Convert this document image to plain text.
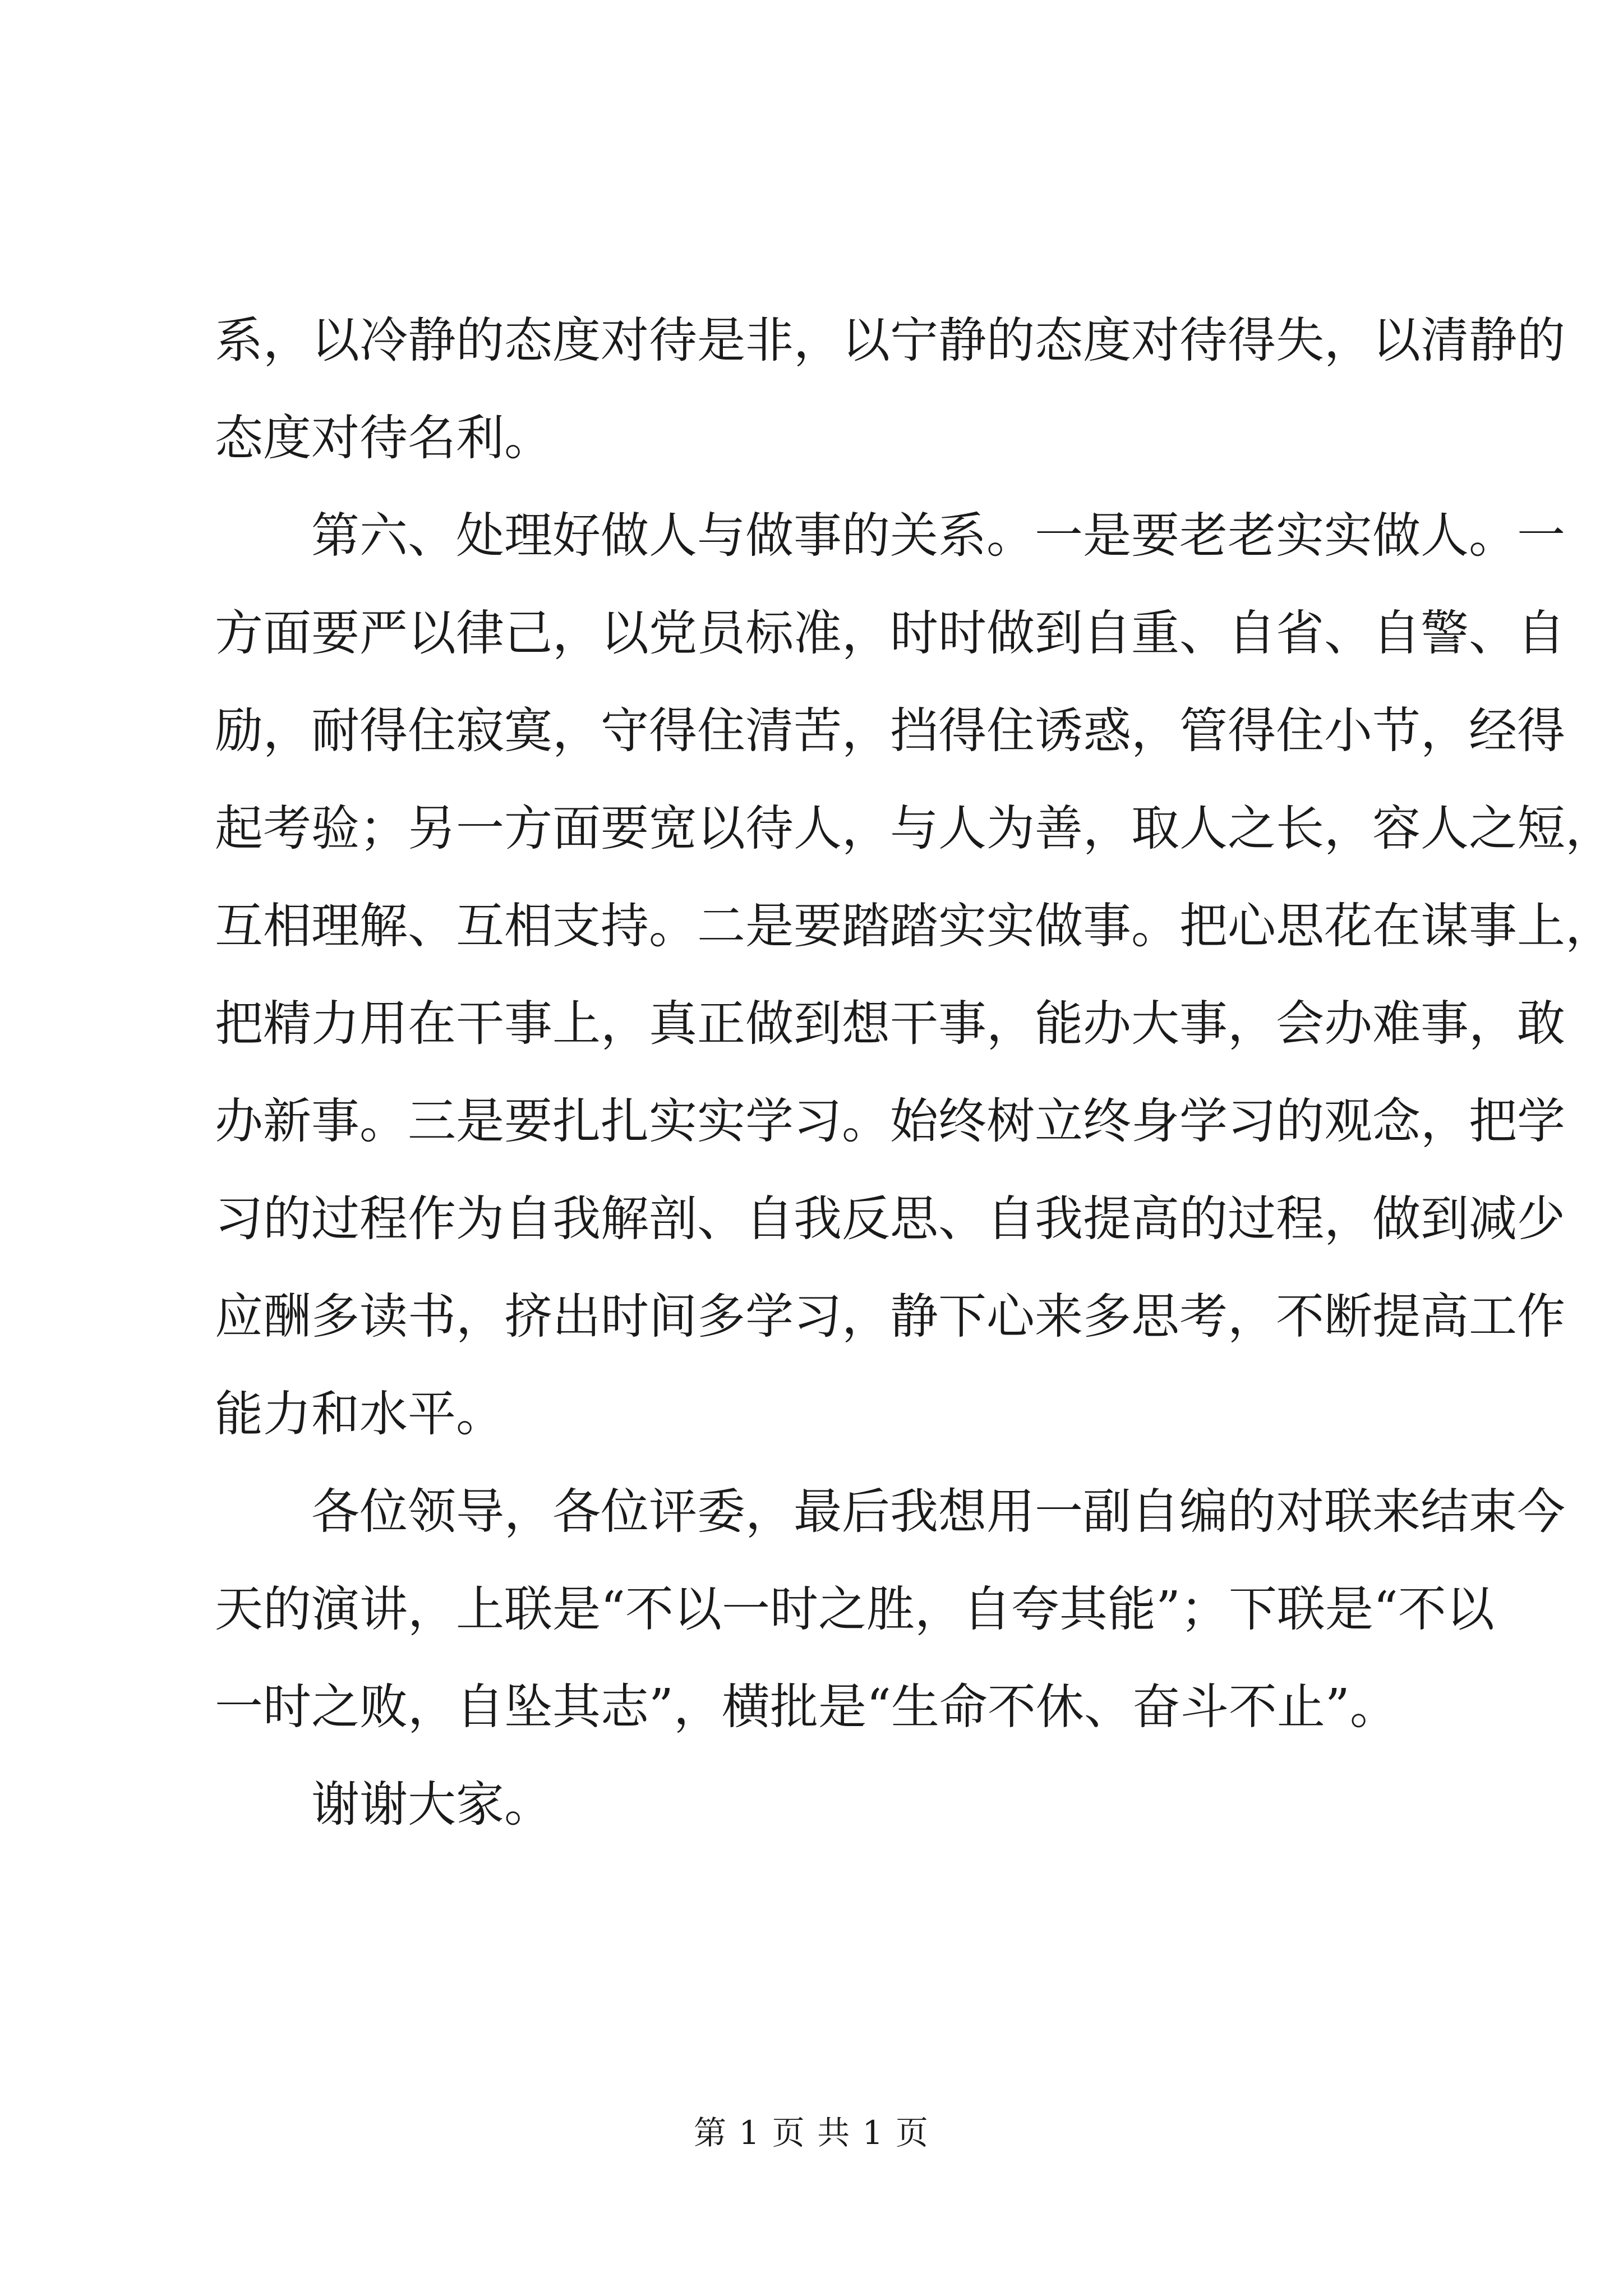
系，以冷静的态度对待是非，以宁静的态度对待得失，以清静的
态度对待名利。
第六、处理好做人与做事的关系。一是要老老实实做人。一
方面要严以律己，以党员标准，时时做到自重、自省、自警、自
励，耐得住寂寞，守得住清苦，挡得住诱惑，管得住小节，经得
起考验；另一方面要宽以待人，与人为善，取人之长，容人之短，
互相理解、互相支持。二是要踏踏实实做事。把心思花在谋事上，
把精力用在干事上，真正做到想干事，能办大事，会办难事，敢
办新事。三是要扎扎实实学习。始终树立终身学习的观念，把学
习的过程作为自我解剖、自我反思、自我提高的过程，做到减少
应酬多读书，挤出时间多学习，静下心来多思考，不断提高工作
能力和水平。
各位领导，各位评委，最后我想用一副自编的对联来结束今
天的演讲，上联是“不以一时之胜，自夸其能”；下联是“不以
一时之败，自坠其志”，横批是“生命不休、奋斗不止”。
谢谢大家。
第 1 页 共 1 页
